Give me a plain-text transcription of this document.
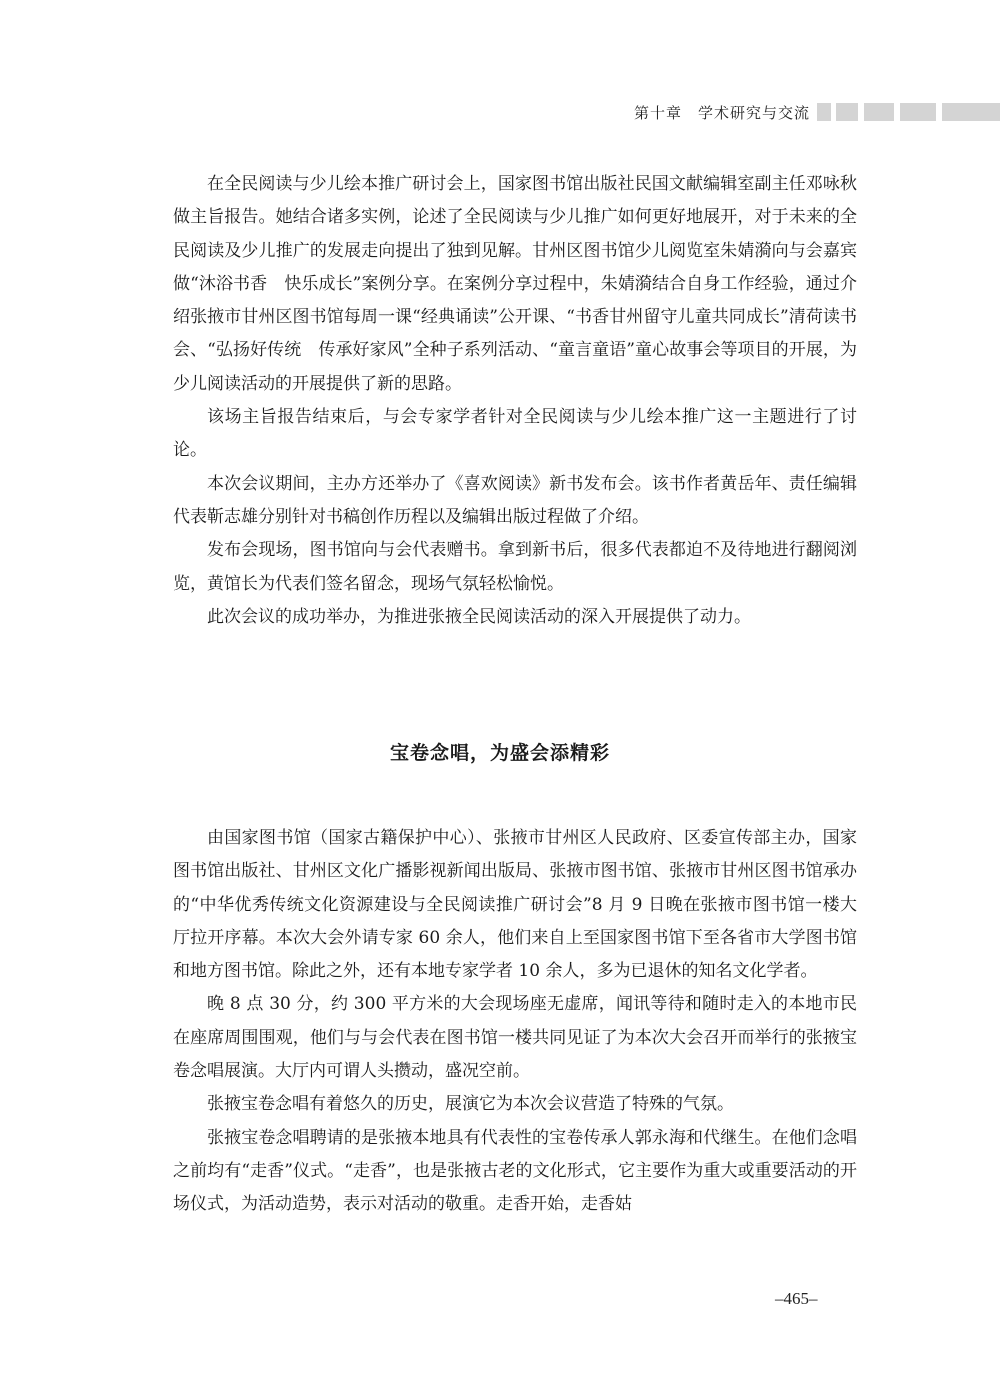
第十章　学术研究与交流

在全民阅读与少儿绘本推广研讨会上，国家图书馆出版社民国文献编辑室副主任邓咏秋做主旨报告。她结合诸多实例，论述了全民阅读与少儿推广如何更好地展开，对于未来的全民阅读及少儿推广的发展走向提出了独到见解。甘州区图书馆少儿阅览室朱婧漪向与会嘉宾做“沐浴书香　快乐成长”案例分享。在案例分享过程中，朱婧漪结合自身工作经验，通过介绍张掖市甘州区图书馆每周一课“经典诵读”公开课、“书香甘州留守儿童共同成长”清荷读书会、“弘扬好传统　传承好家风”全种子系列活动、“童言童语”童心故事会等项目的开展，为少儿阅读活动的开展提供了新的思路。

该场主旨报告结束后，与会专家学者针对全民阅读与少儿绘本推广这一主题进行了讨论。

本次会议期间，主办方还举办了《喜欢阅读》新书发布会。该书作者黄岳年、责任编辑代表靳志雄分别针对书稿创作历程以及编辑出版过程做了介绍。

发布会现场，图书馆向与会代表赠书。拿到新书后，很多代表都迫不及待地进行翻阅浏览，黄馆长为代表们签名留念，现场气氛轻松愉悦。

此次会议的成功举办，为推进张掖全民阅读活动的深入开展提供了动力。

宝卷念唱，为盛会添精彩

由国家图书馆（国家古籍保护中心）、张掖市甘州区人民政府、区委宣传部主办，国家图书馆出版社、甘州区文化广播影视新闻出版局、张掖市图书馆、张掖市甘州区图书馆承办的“中华优秀传统文化资源建设与全民阅读推广研讨会”8 月 9 日晚在张掖市图书馆一楼大厅拉开序幕。本次大会外请专家 60 余人，他们来自上至国家图书馆下至各省市大学图书馆和地方图书馆。除此之外，还有本地专家学者 10 余人，多为已退休的知名文化学者。

晚 8 点 30 分，约 300 平方米的大会现场座无虚席，闻讯等待和随时走入的本地市民在座席周围围观，他们与与会代表在图书馆一楼共同见证了为本次大会召开而举行的张掖宝卷念唱展演。大厅内可谓人头攒动，盛况空前。

张掖宝卷念唱有着悠久的历史，展演它为本次会议营造了特殊的气氛。

张掖宝卷念唱聘请的是张掖本地具有代表性的宝卷传承人郭永海和代继生。在他们念唱之前均有“走香”仪式。“走香”，也是张掖古老的文化形式，它主要作为重大或重要活动的开场仪式，为活动造势，表示对活动的敬重。走香开始，走香姑

–465–
